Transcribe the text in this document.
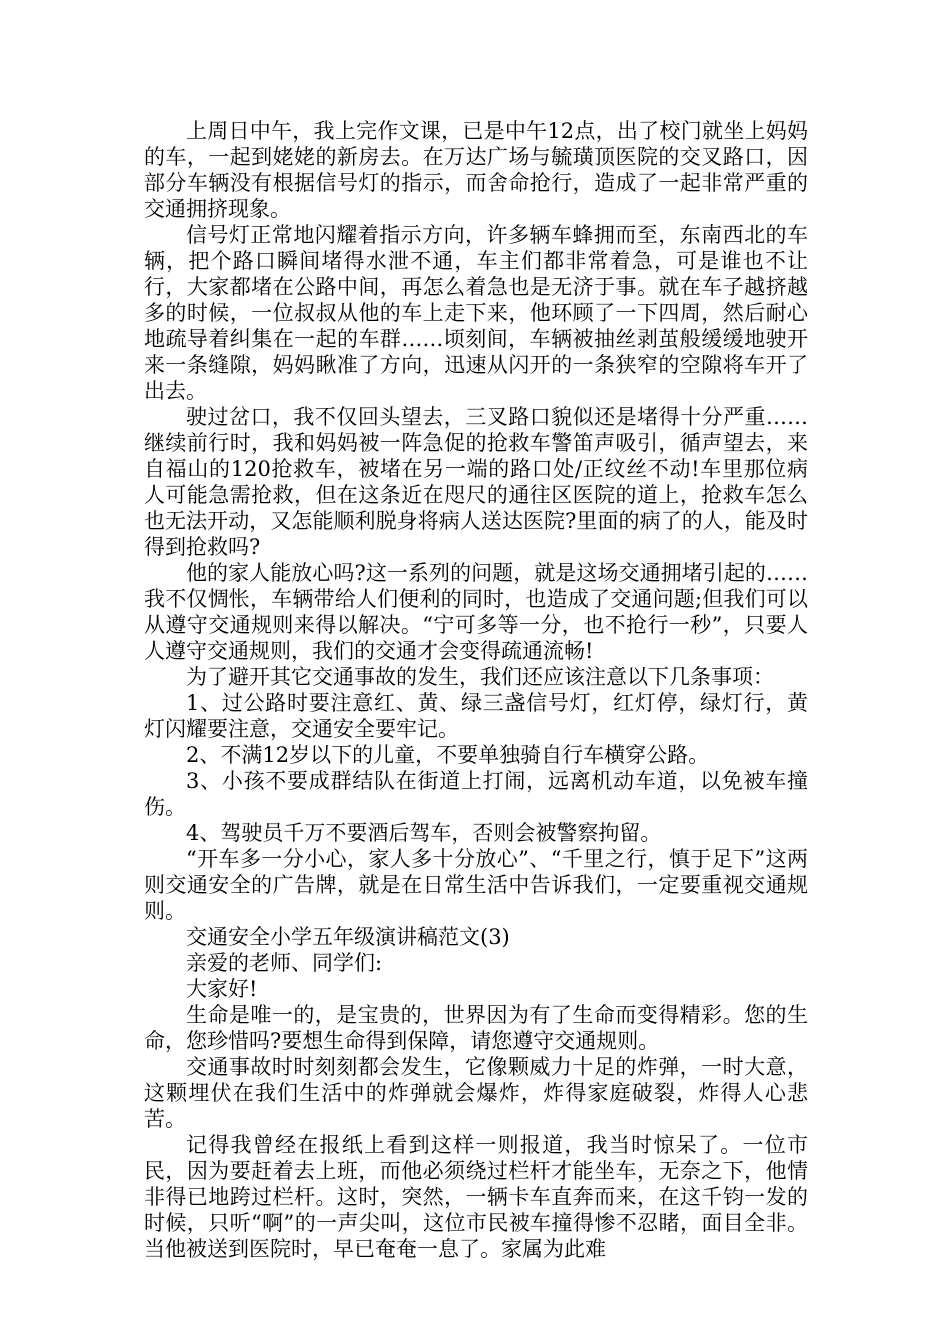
上周日中午，我上完作文课，已是中午12点，出了校门就坐上妈妈的车，一起到姥姥的新房去。在万达广场与毓璜顶医院的交叉路口，因部分车辆没有根据信号灯的指示，而舍命抢行，造成了一起非常严重的交通拥挤现象。

信号灯正常地闪耀着指示方向，许多辆车蜂拥而至，东南西北的车辆，把个路口瞬间堵得水泄不通，车主们都非常着急，可是谁也不让行，大家都堵在公路中间，再怎么着急也是无济于事。就在车子越挤越多的时候，一位叔叔从他的车上走下来，他环顾了一下四周，然后耐心地疏导着纠集在一起的车群……顷刻间，车辆被抽丝剥茧般缓缓地驶开来一条缝隙，妈妈瞅准了方向，迅速从闪开的一条狭窄的空隙将车开了出去。

驶过岔口，我不仅回头望去，三叉路口貌似还是堵得十分严重……继续前行时，我和妈妈被一阵急促的抢救车警笛声吸引，循声望去，来自福山的120抢救车，被堵在另一端的路口处/正纹丝不动!车里那位病人可能急需抢救，但在这条近在咫尺的通往区医院的道上，抢救车怎么也无法开动，又怎能顺利脱身将病人送达医院?里面的病了的人，能及时得到抢救吗?

他的家人能放心吗?这一系列的问题，就是这场交通拥堵引起的……我不仅惆怅，车辆带给人们便利的同时，也造成了交通问题;但我们可以从遵守交通规则来得以解决。“宁可多等一分，也不抢行一秒”，只要人人遵守交通规则，我们的交通才会变得疏通流畅!

为了避开其它交通事故的发生，我们还应该注意以下几条事项：

1、过公路时要注意红、黄、绿三盏信号灯，红灯停，绿灯行，黄灯闪耀要注意，交通安全要牢记。

2、不满12岁以下的儿童，不要单独骑自行车横穿公路。

3、小孩不要成群结队在街道上打闹，远离机动车道，以免被车撞伤。

4、驾驶员千万不要酒后驾车，否则会被警察拘留。

“开车多一分小心，家人多十分放心”、“千里之行，慎于足下”这两则交通安全的广告牌，就是在日常生活中告诉我们，一定要重视交通规则。

交通安全小学五年级演讲稿范文(3)

亲爱的老师、同学们:

大家好!

生命是唯一的，是宝贵的，世界因为有了生命而变得精彩。您的生命，您珍惜吗?要想生命得到保障，请您遵守交通规则。

交通事故时时刻刻都会发生，它像颗威力十足的炸弹，一时大意，这颗埋伏在我们生活中的炸弹就会爆炸，炸得家庭破裂，炸得人心悲苦。

记得我曾经在报纸上看到这样一则报道，我当时惊呆了。一位市民，因为要赶着去上班，而他必须绕过栏杆才能坐车，无奈之下，他情非得已地跨过栏杆。这时，突然，一辆卡车直奔而来，在这千钧一发的时候，只听“啊”的一声尖叫，这位市民被车撞得惨不忍睹，面目全非。当他被送到医院时，早已奄奄一息了。家属为此难
